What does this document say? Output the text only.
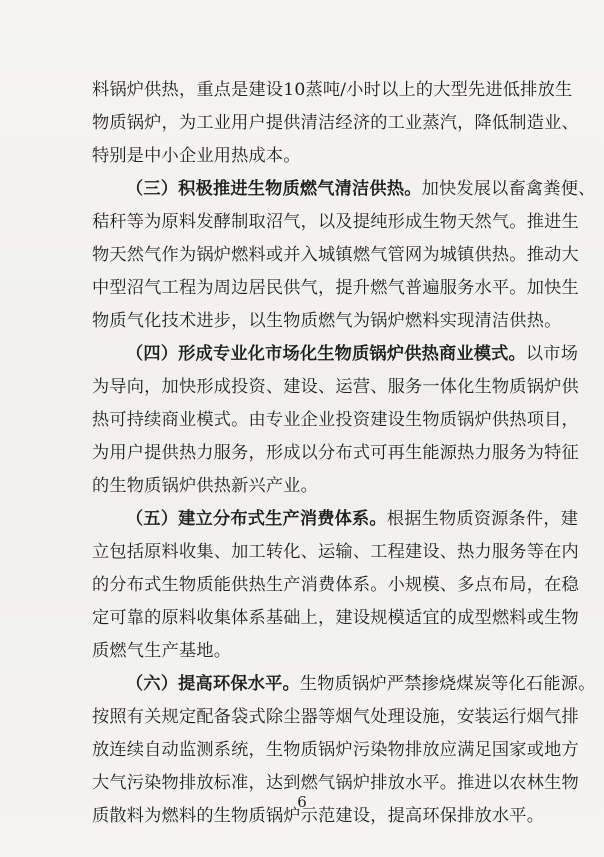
料锅炉供热，重点是建设10蒸吨/小时以上的大型先进低排放生
物质锅炉，为工业用户提供清洁经济的工业蒸汽，降低制造业、
特别是中小企业用热成本。
（三）积极推进生物质燃气清洁供热。加快发展以畜禽粪便、
秸秆等为原料发酵制取沼气，以及提纯形成生物天然气。推进生
物天然气作为锅炉燃料或并入城镇燃气管网为城镇供热。推动大
中型沼气工程为周边居民供气，提升燃气普遍服务水平。加快生
物质气化技术进步，以生物质燃气为锅炉燃料实现清洁供热。
（四）形成专业化市场化生物质锅炉供热商业模式。以市场
为导向，加快形成投资、建设、运营、服务一体化生物质锅炉供
热可持续商业模式。由专业企业投资建设生物质锅炉供热项目，
为用户提供热力服务，形成以分布式可再生能源热力服务为特征
的生物质锅炉供热新兴产业。
（五）建立分布式生产消费体系。根据生物质资源条件，建
立包括原料收集、加工转化、运输、工程建设、热力服务等在内
的分布式生物质能供热生产消费体系。小规模、多点布局，在稳
定可靠的原料收集体系基础上，建设规模适宜的成型燃料或生物
质燃气生产基地。
（六）提高环保水平。生物质锅炉严禁掺烧煤炭等化石能源。
按照有关规定配备袋式除尘器等烟气处理设施，安装运行烟气排
放连续自动监测系统，生物质锅炉污染物排放应满足国家或地方
大气污染物排放标准，达到燃气锅炉排放水平。推进以农林生物
质散料为燃料的生物质锅炉示范建设，提高环保排放水平。
6
